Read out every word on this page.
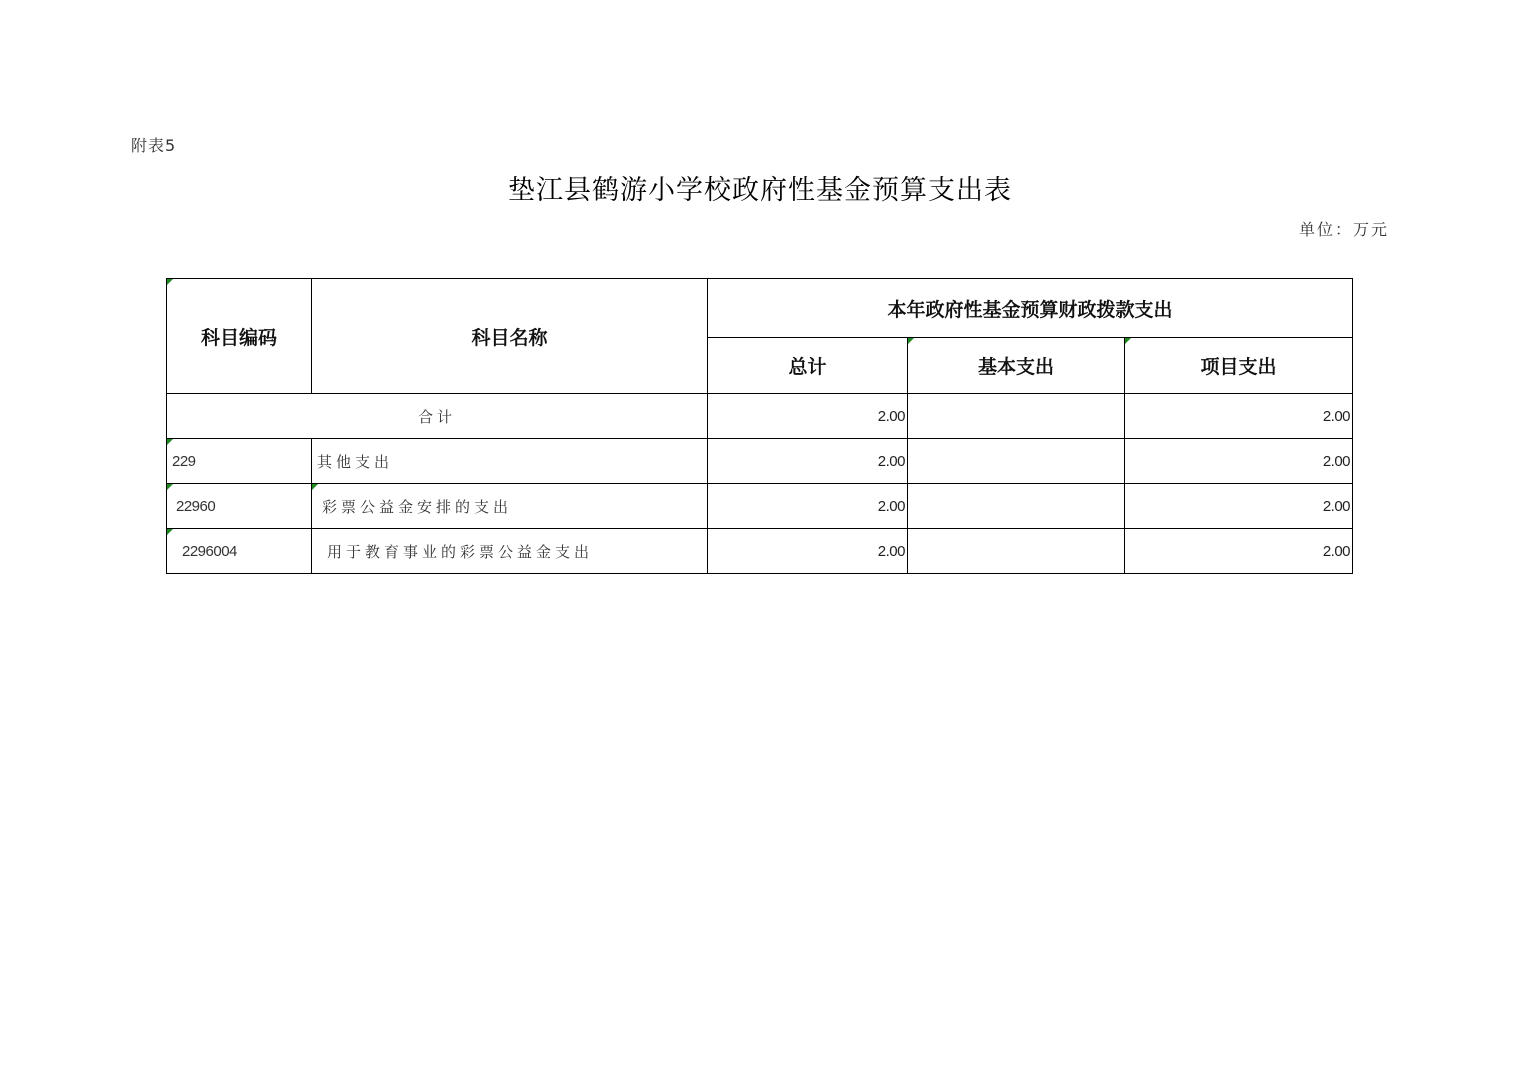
附表5
垫江县鹤游小学校政府性基金预算支出表
单位：万元
科目编码	科目名称	本年政府性基金预算财政拨款支出		
		总计	基本支出	项目支出
合计		2.00		2.00
229	其他支出	2.00		2.00
22960	彩票公益金安排的支出	2.00		2.00
2296004	用于教育事业的彩票公益金支出	2.00		2.00
